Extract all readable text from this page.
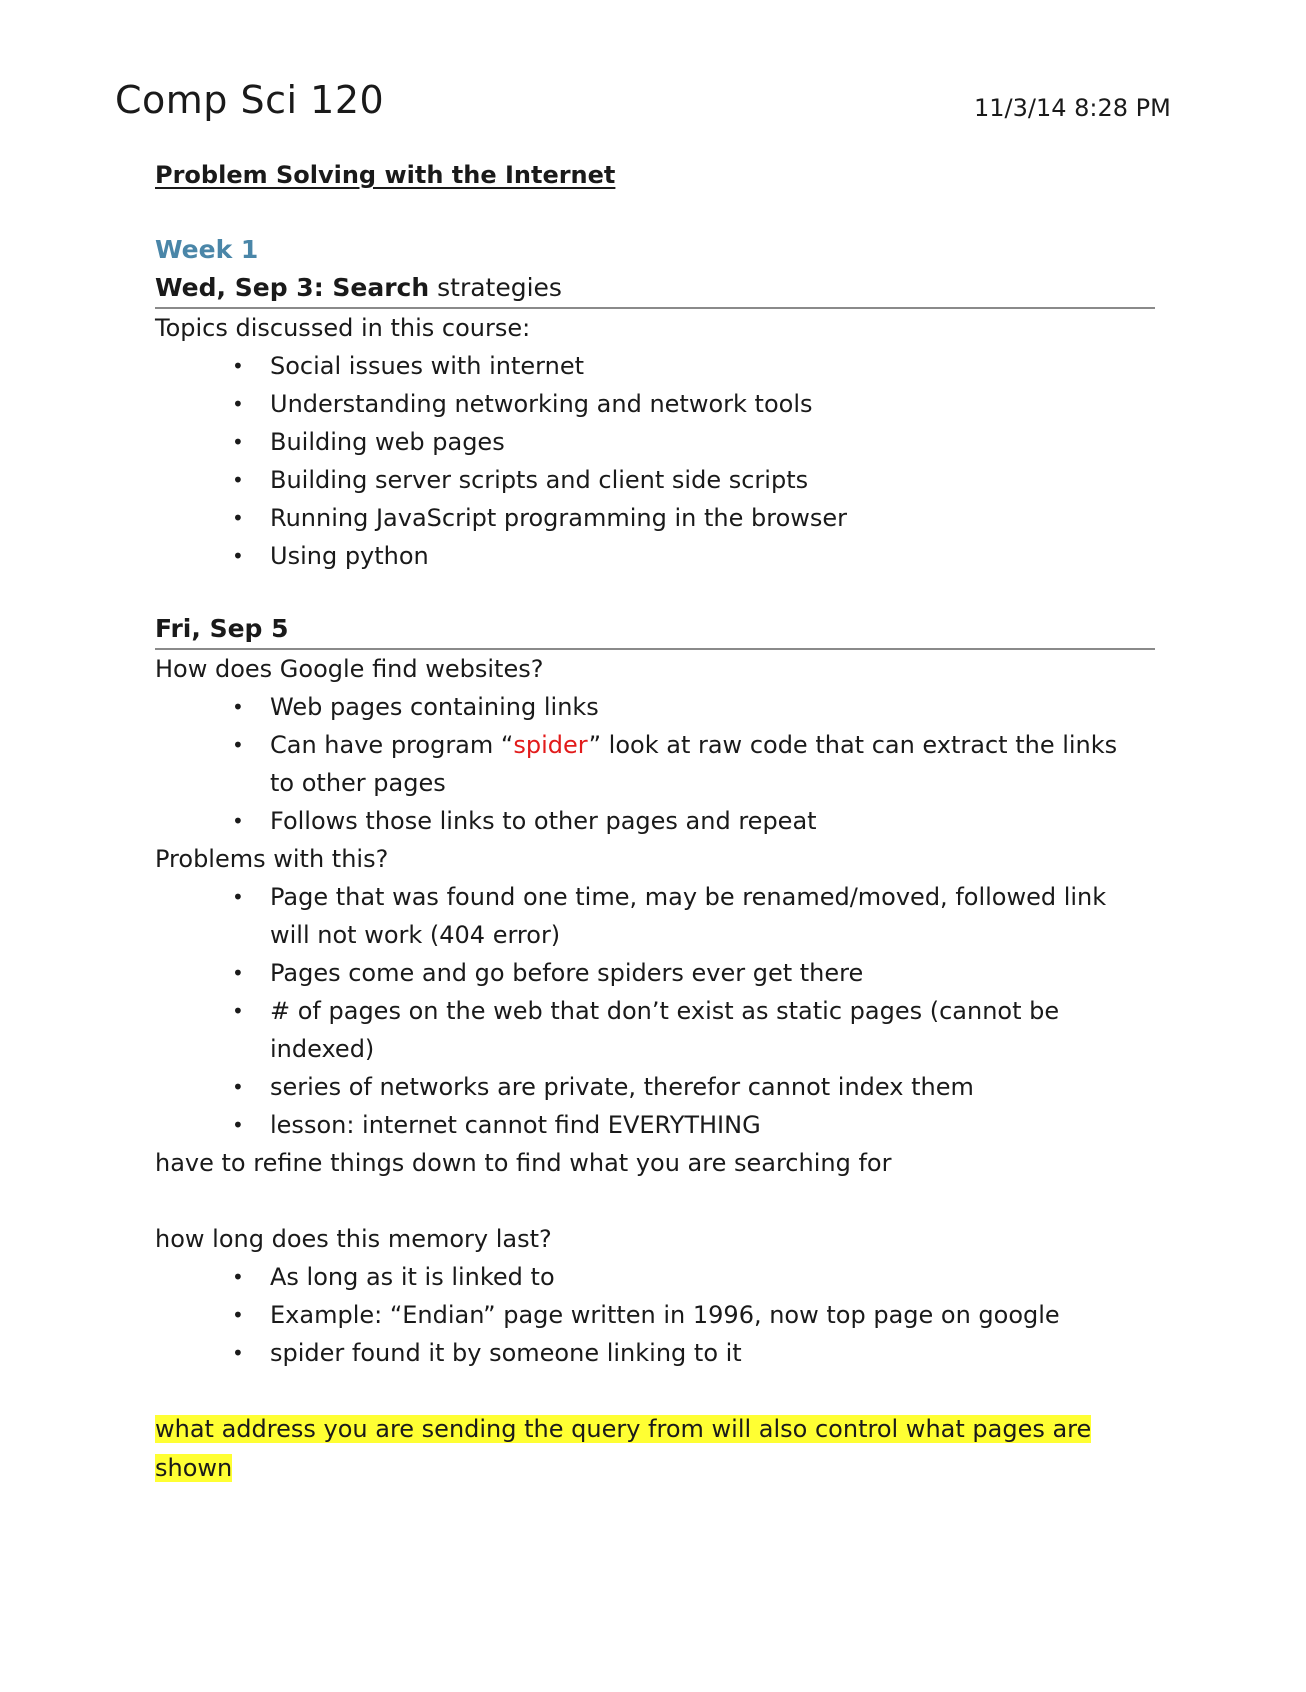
Comp Sci 120	11/3/14 8:28 PM
Problem Solving with the Internet
Week 1
Wed, Sep 3: Search strategies
Topics discussed in this course:
• Social issues with internet
• Understanding networking and network tools
• Building web pages
• Building server scripts and client side scripts
• Running JavaScript programming in the browser
• Using python
Fri, Sep 5
How does Google find websites?
• Web pages containing links
• Can have program “spider” look at raw code that can extract the links to other pages
• Follows those links to other pages and repeat
Problems with this?
• Page that was found one time, may be renamed/moved, followed link will not work (404 error)
• Pages come and go before spiders ever get there
• # of pages on the web that don’t exist as static pages (cannot be indexed)
• series of networks are private, therefor cannot index them
• lesson: internet cannot find EVERYTHING
have to refine things down to find what you are searching for
how long does this memory last?
• As long as it is linked to
• Example: “Endian” page written in 1996, now top page on google
• spider found it by someone linking to it
what address you are sending the query from will also control what pages are shown
